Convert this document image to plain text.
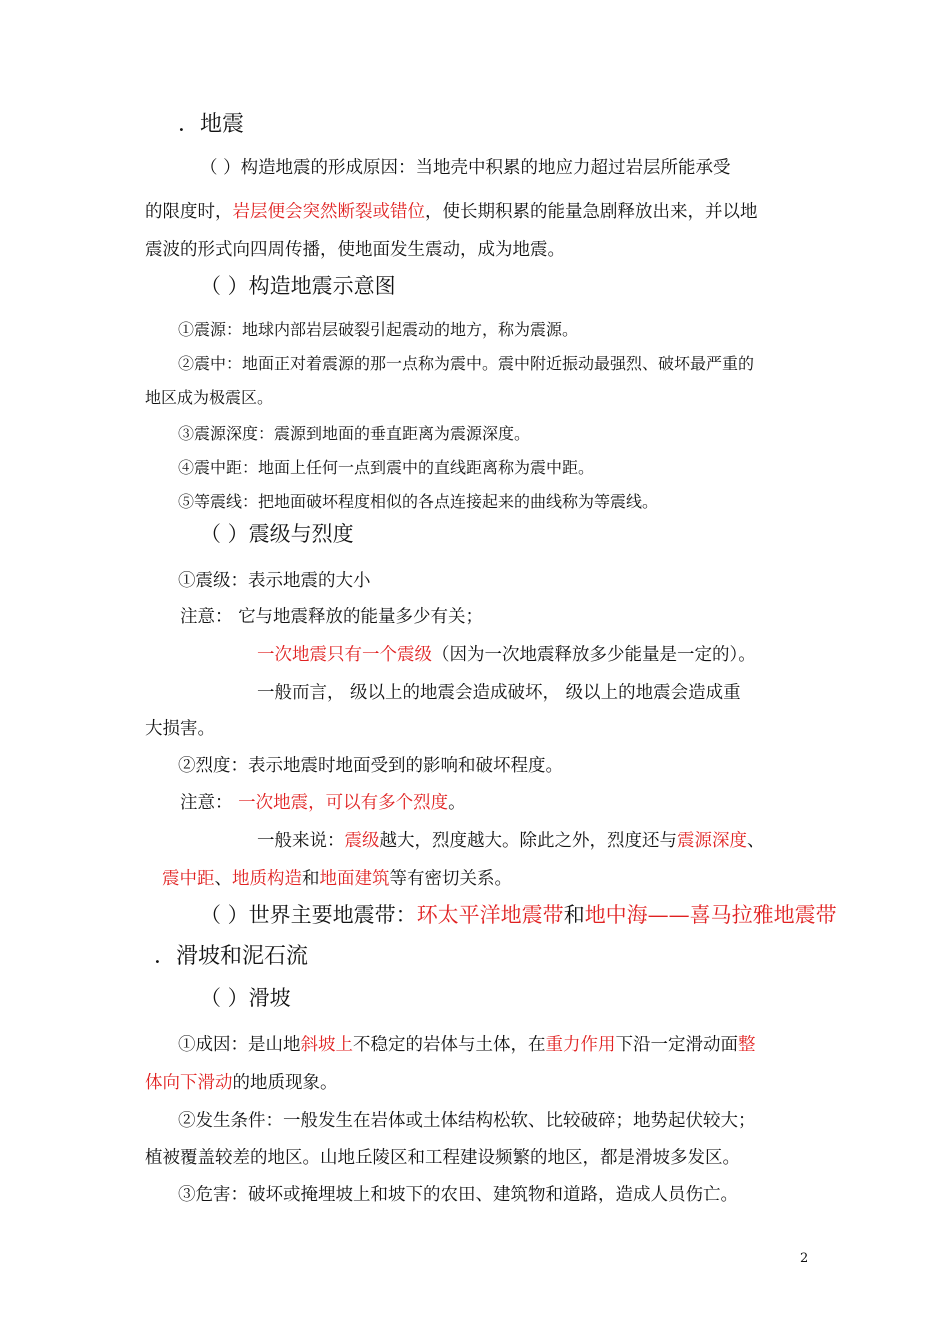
．地震
（ ）构造地震的形成原因：当地壳中积累的地应力超过岩层所能承受
的限度时，岩层便会突然断裂或错位，使长期积累的能量急剧释放出来，并以地
震波的形式向四周传播，使地面发生震动，成为地震。
（ ）构造地震示意图
①震源：地球内部岩层破裂引起震动的地方，称为震源。
②震中：地面正对着震源的那一点称为震中。震中附近振动最强烈、破坏最严重的
地区成为极震区。
③震源深度：震源到地面的垂直距离为震源深度。
④震中距：地面上任何一点到震中的直线距离称为震中距。
⑤等震线：把地面破坏程度相似的各点连接起来的曲线称为等震线。
（ ）震级与烈度
①震级：表示地震的大小
注意： 它与地震释放的能量多少有关；
一次地震只有一个震级（因为一次地震释放多少能量是一定的）。
一般而言， 级以上的地震会造成破坏， 级以上的地震会造成重
大损害。
②烈度：表示地震时地面受到的影响和破坏程度。
注意： 一次地震，可以有多个烈度。
一般来说：震级越大，烈度越大。除此之外，烈度还与震源深度、
震中距、地质构造和地面建筑等有密切关系。
（ ）世界主要地震带：环太平洋地震带和地中海——喜马拉雅地震带
．滑坡和泥石流
（ ）滑坡
①成因：是山地斜坡上不稳定的岩体与土体，在重力作用下沿一定滑动面整
体向下滑动的地质现象。
②发生条件：一般发生在岩体或土体结构松软、比较破碎；地势起伏较大；
植被覆盖较差的地区。山地丘陵区和工程建设频繁的地区，都是滑坡多发区。
③危害：破坏或掩埋坡上和坡下的农田、建筑物和道路，造成人员伤亡。
2
